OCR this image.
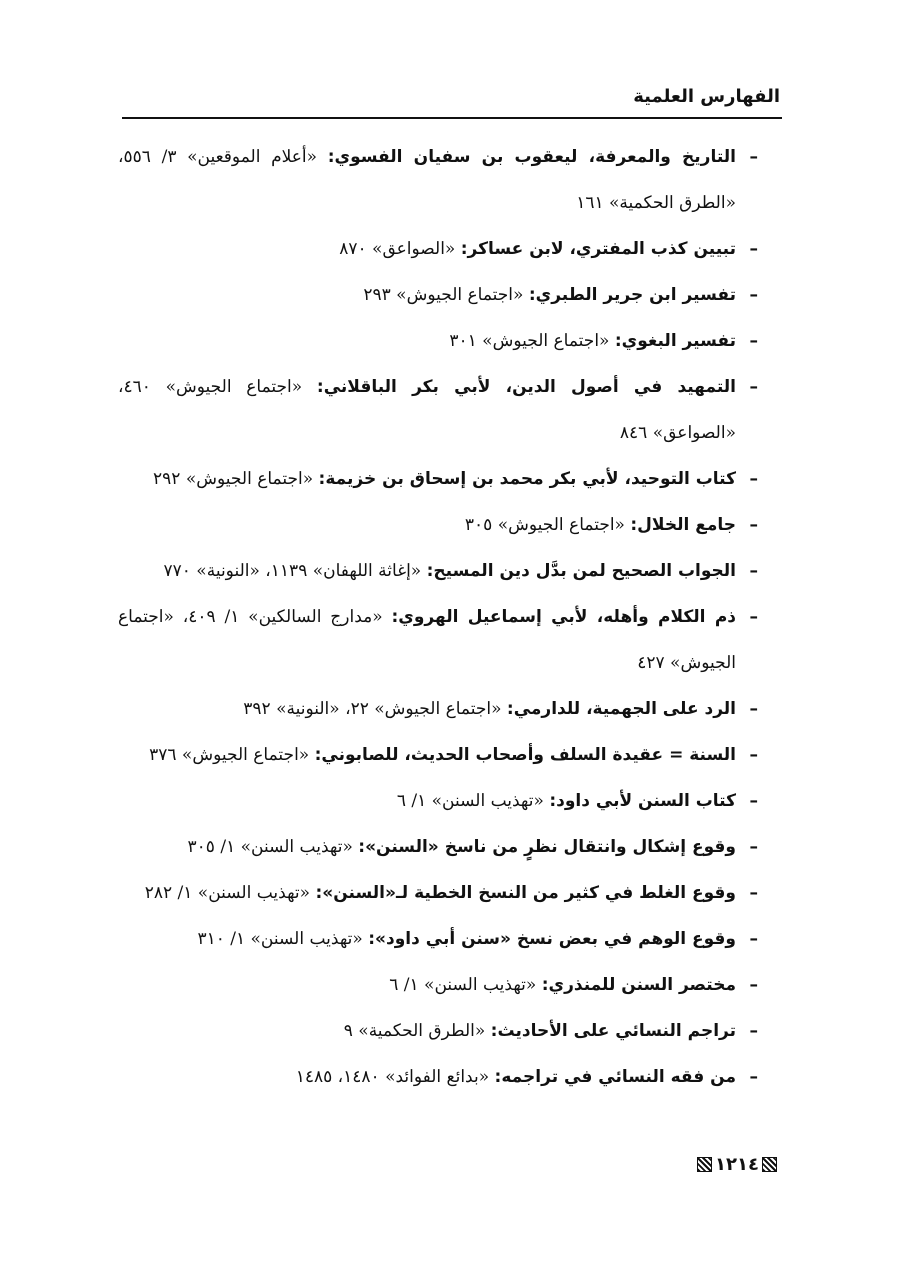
الفهارس العلمية
–
التاريخ والمعرفة، ليعقوب بن سفيان الفسوي: «أعلام الموقعين» ٣/ ٥٥٦، «الطرق الحكمية» ١٦١
–
تبيين كذب المفتري، لابن عساكر: «الصواعق» ٨٧٠
–
تفسير ابن جرير الطبري: «اجتماع الجيوش» ٢٩٣
–
تفسير البغوي: «اجتماع الجيوش» ٣٠١
–
التمهيد في أصول الدين، لأبي بكر الباقلاني: «اجتماع الجيوش» ٤٦٠، «الصواعق» ٨٤٦
–
كتاب التوحيد، لأبي بكر محمد بن إسحاق بن خزيمة: «اجتماع الجيوش» ٢٩٢
–
جامع الخلال: «اجتماع الجيوش» ٣٠٥
–
الجواب الصحيح لمن بدَّل دين المسيح: «إغاثة اللهفان» ١١٣٩، «النونية» ٧٧٠
–
ذم الكلام وأهله، لأبي إسماعيل الهروي: «مدارج السالكين» ١/ ٤٠٩، «اجتماع الجيوش» ٤٢٧
–
الرد على الجهمية، للدارمي: «اجتماع الجيوش» ٢٢، «النونية» ٣٩٢
–
السنة = عقيدة السلف وأصحاب الحديث، للصابوني: «اجتماع الجيوش» ٣٧٦
–
كتاب السنن لأبي داود: «تهذيب السنن» ١/ ٦
–
وقوع إشكال وانتقال نظرٍ من ناسخ «السنن»: «تهذيب السنن» ١/ ٣٠٥
–
وقوع الغلط في كثير من النسخ الخطية لـ«السنن»: «تهذيب السنن» ١/ ٢٨٢
–
وقوع الوهم في بعض نسخ «سنن أبي داود»: «تهذيب السنن» ١/ ٣١٠
–
مختصر السنن للمنذري: «تهذيب السنن» ١/ ٦
–
تراجم النسائي على الأحاديث: «الطرق الحكمية» ٩
–
من فقه النسائي في تراجمه: «بدائع الفوائد» ١٤٨٠، ١٤٨٥
١٢١٤
